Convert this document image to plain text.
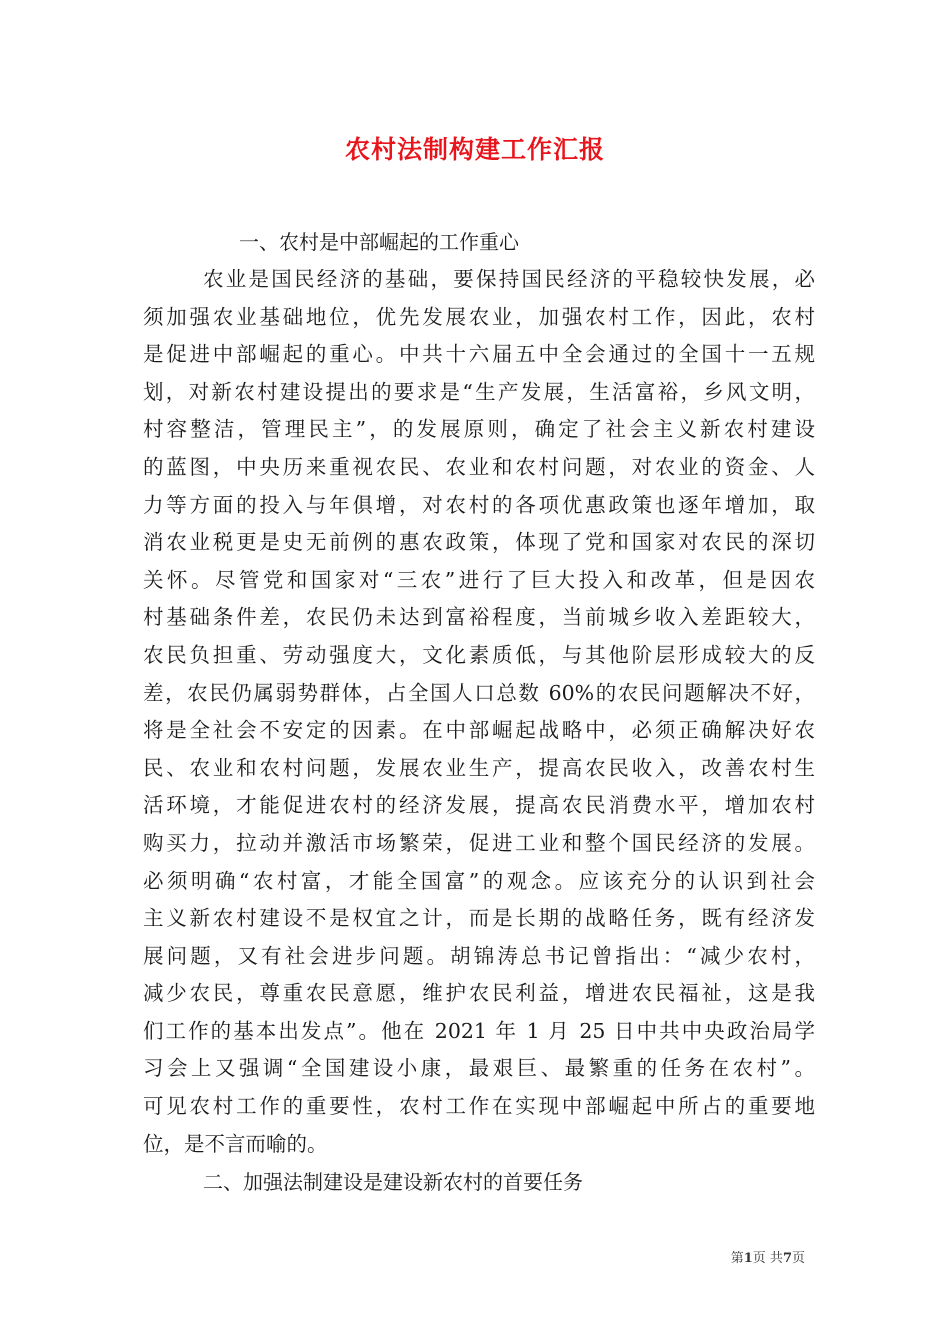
农村法制构建工作汇报
一、农村是中部崛起的工作重心
农业是国民经济的基础，要保持国民经济的平稳较快发展，必
须加强农业基础地位，优先发展农业，加强农村工作，因此，农村
是促进中部崛起的重心。中共十六届五中全会通过的全国十一五规
划，对新农村建设提出的要求是“生产发展，生活富裕，乡风文明，
村容整洁，管理民主”，的发展原则，确定了社会主义新农村建设
的蓝图，中央历来重视农民、农业和农村问题，对农业的资金、人
力等方面的投入与年俱增，对农村的各项优惠政策也逐年增加，取
消农业税更是史无前例的惠农政策，体现了党和国家对农民的深切
关怀。尽管党和国家对“三农”进行了巨大投入和改革，但是因农
村基础条件差，农民仍未达到富裕程度，当前城乡收入差距较大，
农民负担重、劳动强度大，文化素质低，与其他阶层形成较大的反
差，农民仍属弱势群体，占全国人口总数 60%的农民问题解决不好，
将是全社会不安定的因素。在中部崛起战略中，必须正确解决好农
民、农业和农村问题，发展农业生产，提高农民收入，改善农村生
活环境，才能促进农村的经济发展，提高农民消费水平，增加农村
购买力，拉动并激活市场繁荣，促进工业和整个国民经济的发展。
必须明确“农村富，才能全国富”的观念。应该充分的认识到社会
主义新农村建设不是权宜之计，而是长期的战略任务，既有经济发
展问题，又有社会进步问题。胡锦涛总书记曾指出：“减少农村，
减少农民，尊重农民意愿，维护农民利益，增进农民福祉，这是我
们工作的基本出发点”。他在 2021 年 1 月 25 日中共中央政治局学
习会上又强调“全国建设小康，最艰巨、最繁重的任务在农村”。
可见农村工作的重要性，农村工作在实现中部崛起中所占的重要地
位，是不言而喻的。
二、加强法制建设是建设新农村的首要任务
第1页 共7页
